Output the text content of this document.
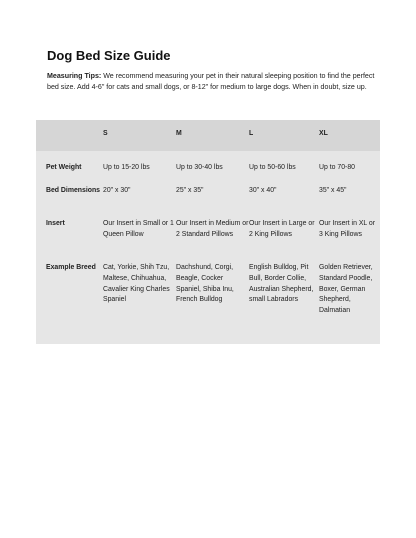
Dog Bed Size Guide
Measuring Tips: We recommend measuring your pet in their natural sleeping position to find the perfect bed size. Add 4-6" for cats and small dogs, or 8-12" for medium to large dogs. When in doubt, size up.
	S	M	L	XL
Pet Weight	Up to 15-20 lbs	Up to 30-40 lbs	Up to 50-60 lbs	Up to 70-80
Bed Dimensions	20" x 30"	25" x 35"	30" x 40"	35" x 45"
Insert	Our Insert in Small or 1 Queen Pillow	Our Insert in Medium or 2 Standard Pillows	Our Insert in Large or 2 King Pillows	Our Insert in XL or 3 King Pillows
Example Breed	Cat, Yorkie, Shih Tzu, Maltese, Chihuahua, Cavalier King Charles Spaniel	Dachshund, Corgi, Beagle, Cocker Spaniel, Shiba Inu, French Bulldog	English Bulldog, Pit Bull, Border Collie, Australian Shepherd, small Labradors	Golden Retriever, Standard Poodle, Boxer, German Shepherd, Dalmatian
